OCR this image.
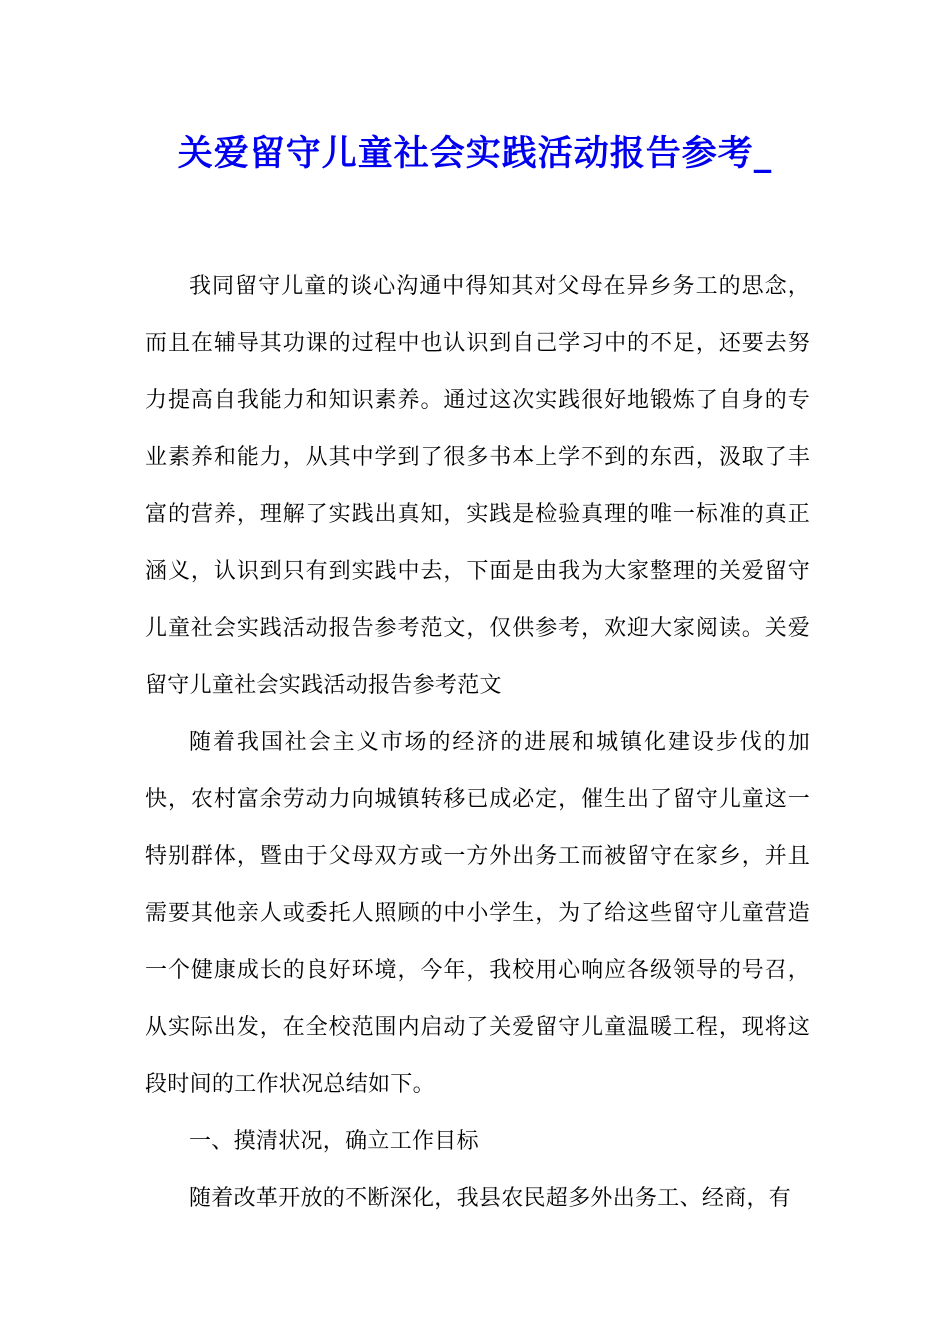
关爱留守儿童社会实践活动报告参考_

我同留守儿童的谈心沟通中得知其对父母在异乡务工的思念，而且在辅导其功课的过程中也认识到自己学习中的不足，还要去努力提高自我能力和知识素养。通过这次实践很好地锻炼了自身的专业素养和能力，从其中学到了很多书本上学不到的东西，汲取了丰富的营养，理解了实践出真知，实践是检验真理的唯一标准的真正涵义，认识到只有到实践中去，下面是由我为大家整理的关爱留守儿童社会实践活动报告参考范文，仅供参考，欢迎大家阅读。关爱留守儿童社会实践活动报告参考范文

随着我国社会主义市场的经济的进展和城镇化建设步伐的加快，农村富余劳动力向城镇转移已成必定，催生出了留守儿童这一特别群体，暨由于父母双方或一方外出务工而被留守在家乡，并且需要其他亲人或委托人照顾的中小学生，为了给这些留守儿童营造一个健康成长的良好环境，今年，我校用心响应各级领导的号召，从实际出发，在全校范围内启动了关爱留守儿童温暖工程，现将这段时间的工作状况总结如下。

一、摸清状况，确立工作目标

随着改革开放的不断深化，我县农民超多外出务工、经商，有
